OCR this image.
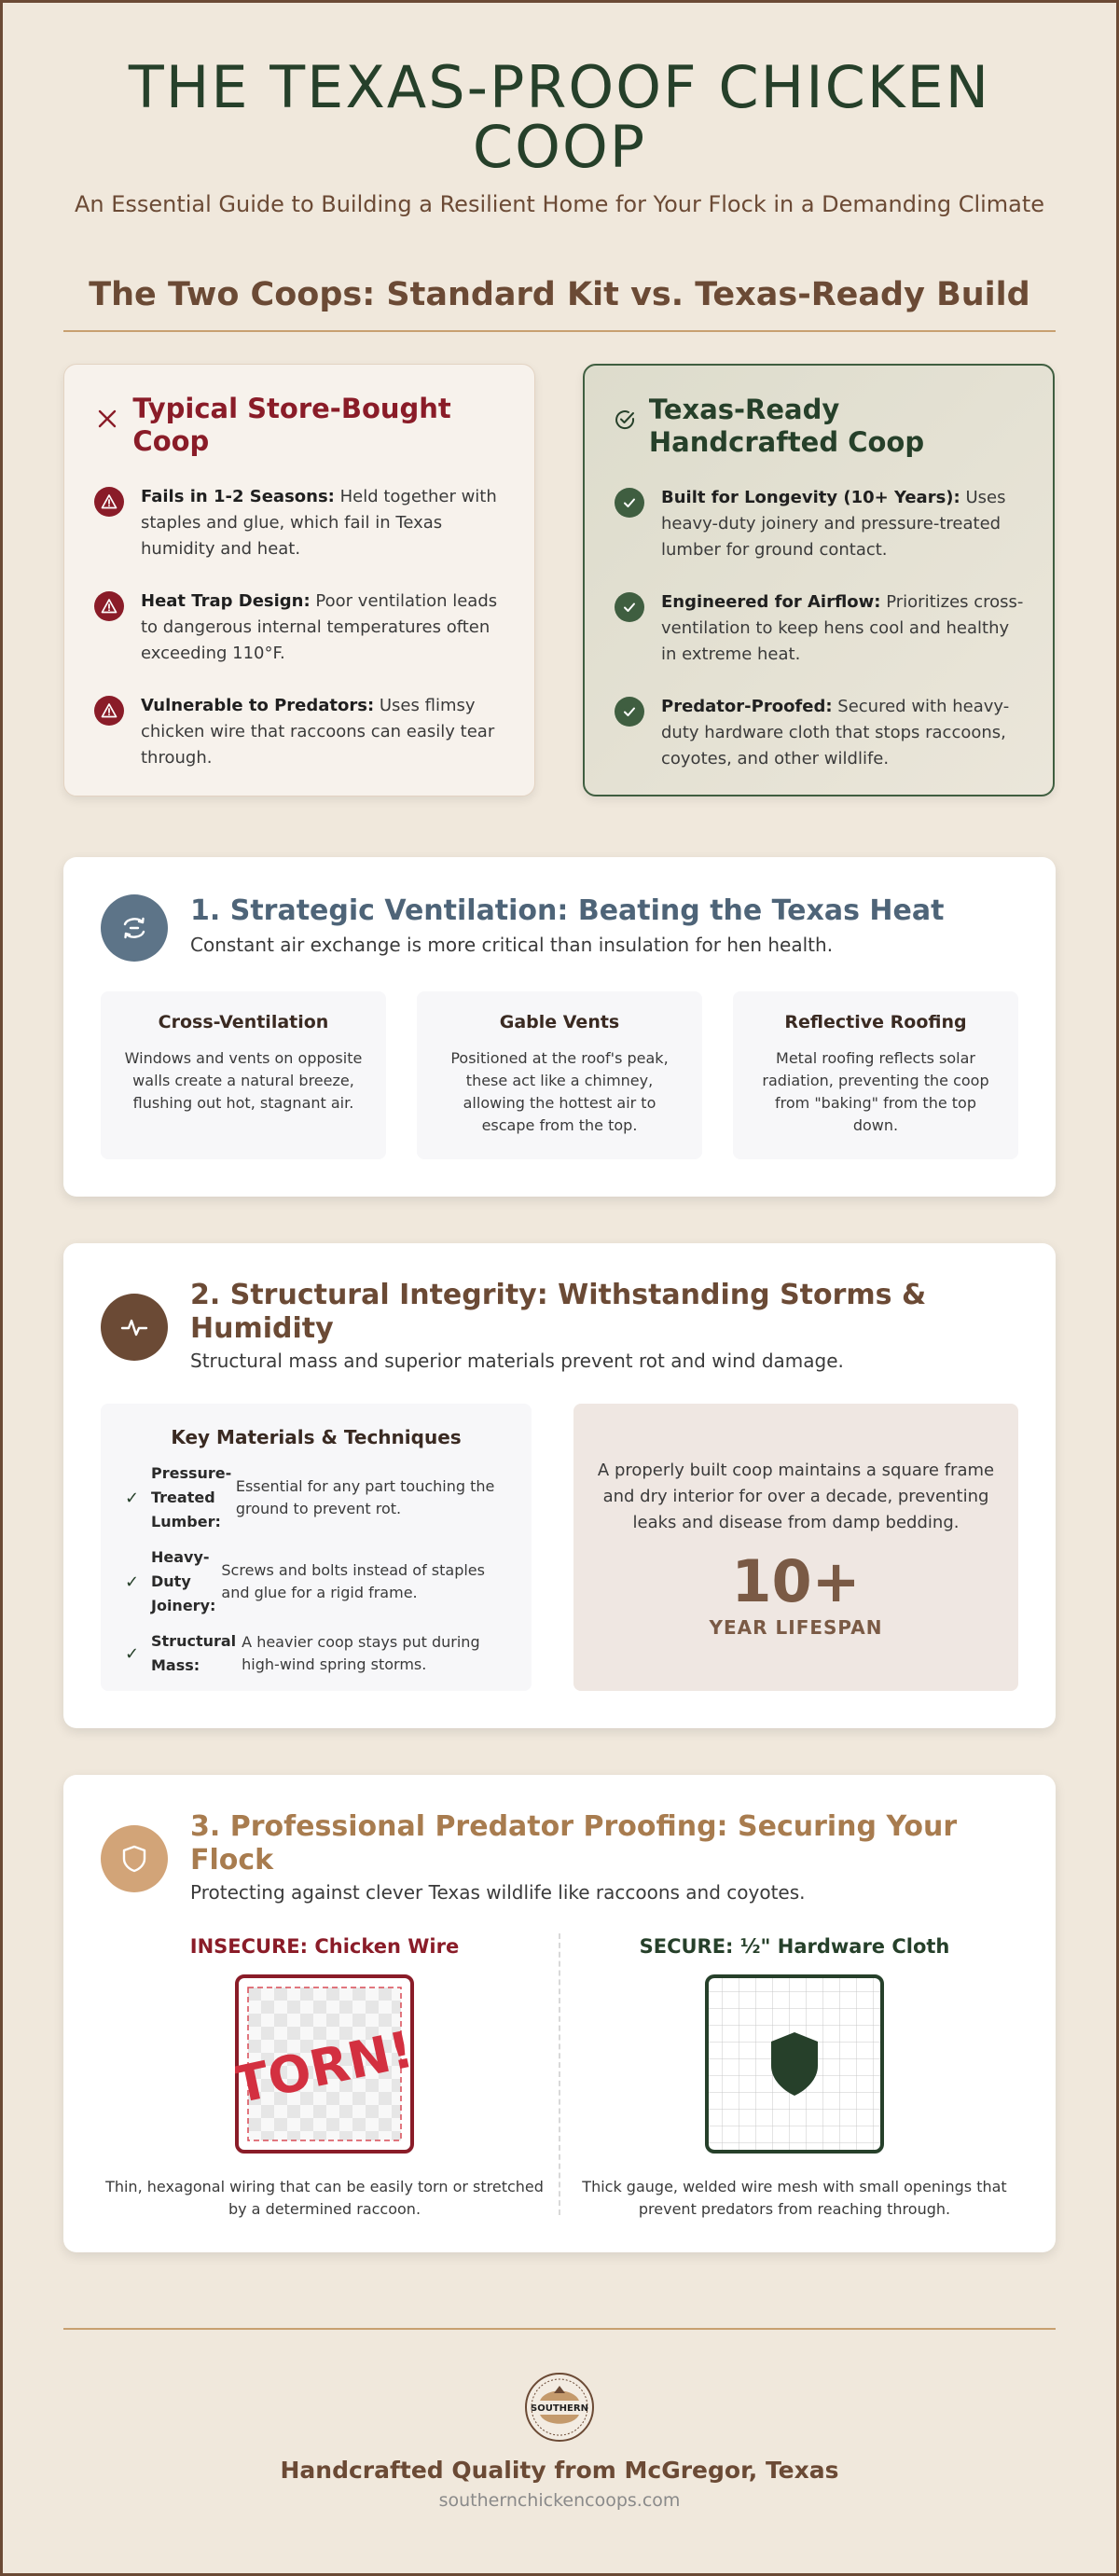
THE TEXAS-PROOF CHICKEN COOP
An Essential Guide to Building a Resilient Home for Your Flock in a Demanding Climate
The Two Coops: Standard Kit vs. Texas-Ready Build
Typical Store-Bought Coop
Fails in 1-2 Seasons: Held together with staples and glue, which fail in Texas humidity and heat.
Heat Trap Design: Poor ventilation leads to dangerous internal temperatures often exceeding 110°F.
Vulnerable to Predators: Uses flimsy chicken wire that raccoons can easily tear through.
Texas-Ready Handcrafted Coop
Built for Longevity (10+ Years): Uses heavy-duty joinery and pressure-treated lumber for ground contact.
Engineered for Airflow: Prioritizes cross-ventilation to keep hens cool and healthy in extreme heat.
Predator-Proofed: Secured with heavy-duty hardware cloth that stops raccoons, coyotes, and other wildlife.
1. Strategic Ventilation: Beating the Texas Heat
Constant air exchange is more critical than insulation for hen health.
Cross-Ventilation

Windows and vents on opposite walls create a natural breeze, flushing out hot, stagnant air.

Gable Vents

Positioned at the roof's peak, these act like a chimney, allowing the hottest air to escape from the top.

Reflective Roofing

Metal roofing reflects solar radiation, preventing the coop from "baking" from the top down.

2. Structural Integrity: Withstanding Storms & Humidity
Structural mass and superior materials prevent rot and wind damage.
Key Materials & Techniques
✓
Pressure-Treated Lumber:
Essential for any part touching the ground to prevent rot.
✓
Heavy-Duty Joinery:
Screws and bolts instead of staples and glue for a rigid frame.
✓
Structural Mass:
A heavier coop stays put during high-wind spring storms.

A properly built coop maintains a square frame and dry interior for over a decade, preventing leaks and disease from damp bedding.

10+
YEAR LIFESPAN
3. Professional Predator Proofing: Securing Your Flock
Protecting against clever Texas wildlife like raccoons and coyotes.
INSECURE: Chicken Wire
TORN!

Thin, hexagonal wiring that can be easily torn or stretched by a determined raccoon.

SECURE: ½" Hardware Cloth

Thick gauge, welded wire mesh with small openings that prevent predators from reaching through.

SOUTHERN
Handcrafted Quality from McGregor, Texas
southernchickencoops.com
